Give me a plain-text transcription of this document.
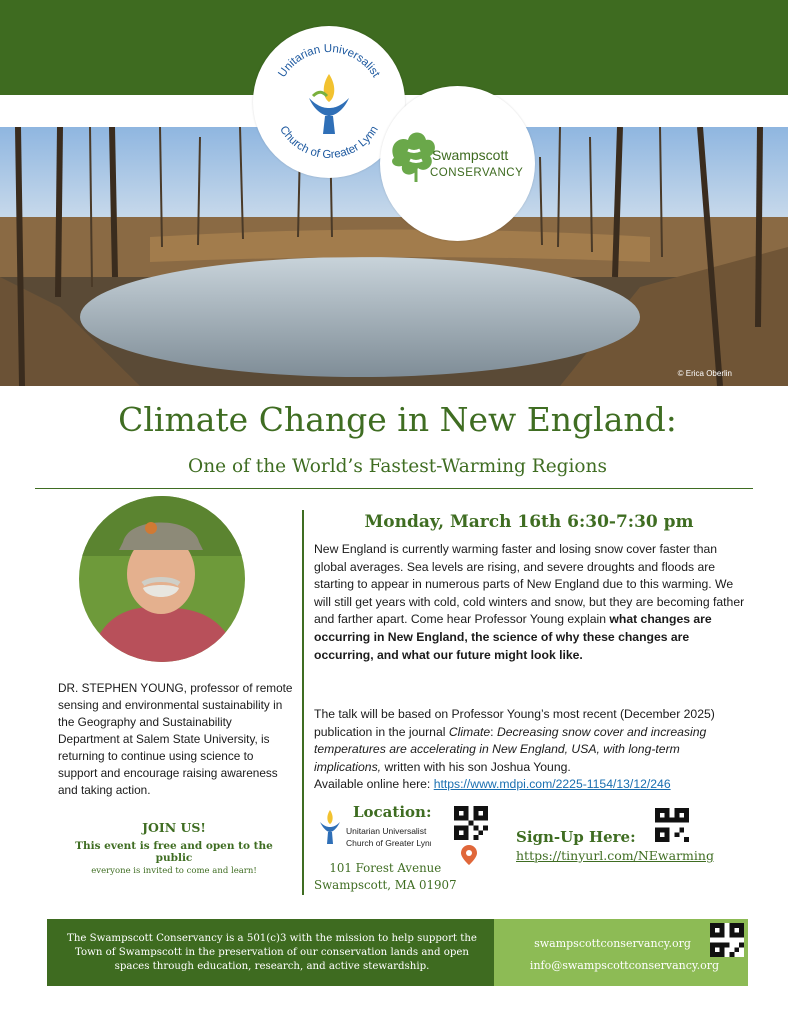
© Erica Oberlin
Unitarian Universalist
Church of Greater Lynn
Swampscott
CONSERVANCY
Climate Change in New England:
One of the World’s Fastest-Warming Regions
DR. STEPHEN YOUNG, professor of remote sensing and environmental sustainability in the Geography and Sustainability Department at Salem State University, is returning to continue using science to support and encourage raising awareness and taking action.
JOIN US!
This event is free and open to the public
everyone is invited to come and learn!
Monday, March 16th 6:30-7:30 pm
New England is currently warming faster and losing snow cover faster than global averages. Sea levels are rising, and severe droughts and floods are starting to appear in numerous parts of New England due to this warming. We will still get years with cold, cold winters and snow, but they are becoming father and farther apart. Come hear Professor Young explain what changes are occurring in New England, the science of why these changes are occurring, and what our future might look like.
The talk will be based on Professor Young’s most recent (December 2025) publication in the journal Climate: Decreasing snow cover and increasing temperatures are accelerating in New England, USA, with long-term implications, written with his son Joshua Young.
Available online here: https://www.mdpi.com/2225-1154/13/12/246
Location:
Unitarian Universalist
Church of Greater Lynn
101 Forest Avenue
Swampscott, MA 01907
Sign-Up Here:
https://tinyurl.com/NEwarming
The Swampscott Conservancy is a 501(c)3 with the mission to help support the Town of Swampscott in the preservation of our conservation lands and open spaces through education, research, and active stewardship.
swampscottconservancy.org
info@swampscottconservancy.org
